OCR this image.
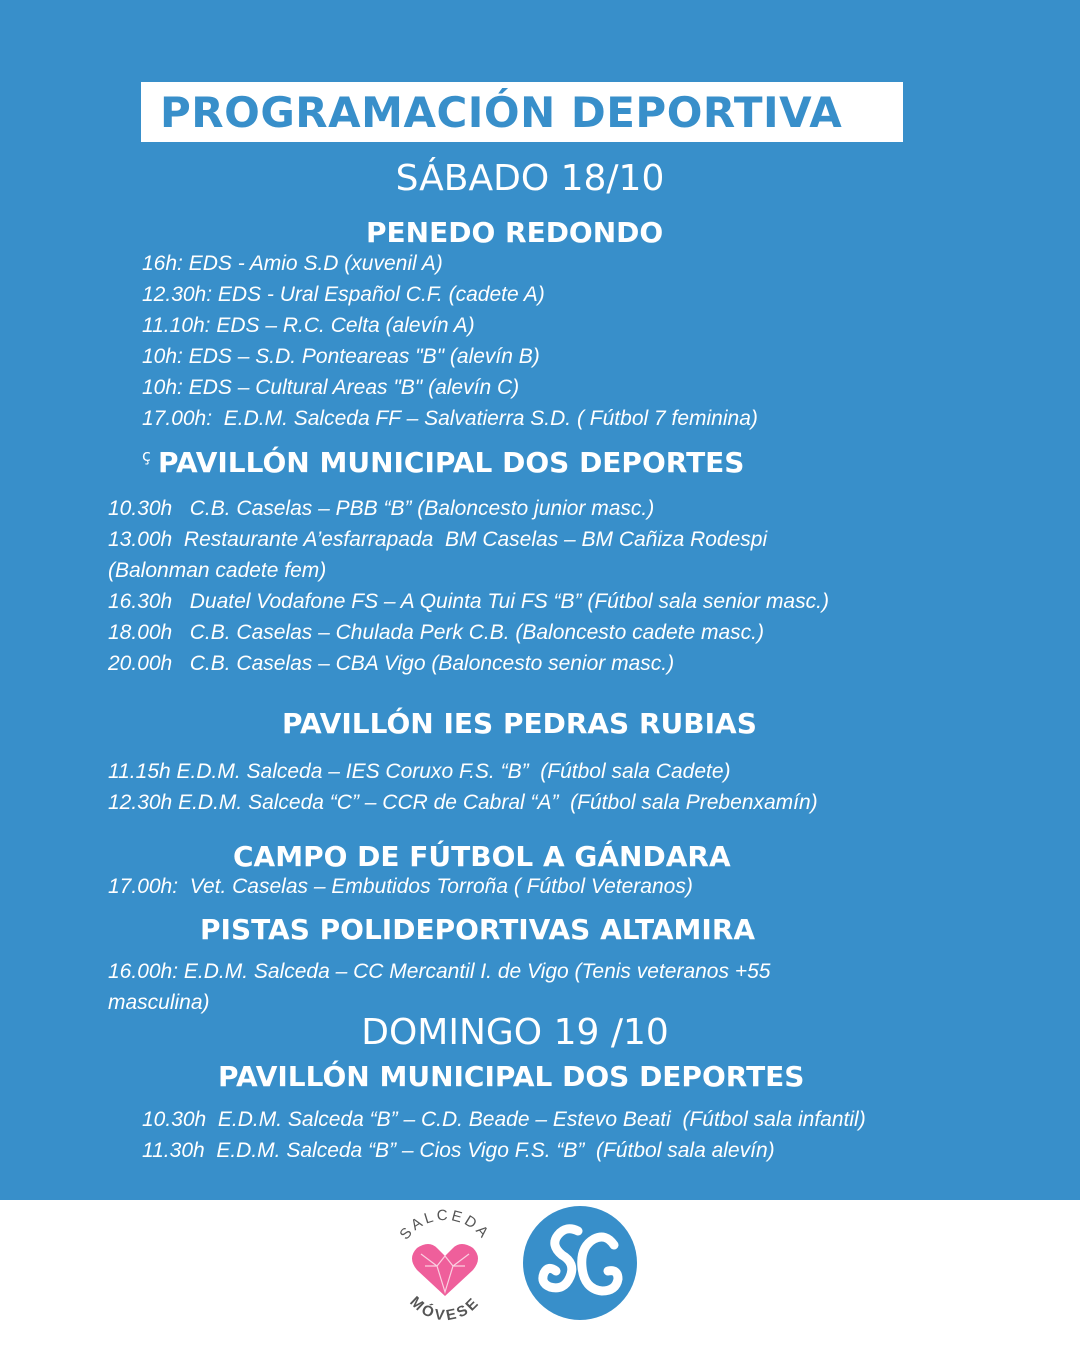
PROGRAMACIÓN DEPORTIVA
SÁBADO 18/10
PENEDO REDONDO
16h: EDS - Amio S.D (xuvenil A)
12.30h: EDS - Ural Español C.F. (cadete A)
11.10h: EDS – R.C. Celta (alevín A)
10h: EDS – S.D. Ponteareas "B" (alevín B)
10h: EDS – Cultural Areas "B" (alevín C)
17.00h:  E.D.M. Salceda FF – Salvatierra S.D. ( Fútbol 7 feminina)
ç PAVILLÓN MUNICIPAL DOS DEPORTES
10.30h   C.B. Caselas – PBB “B” (Baloncesto junior masc.)
13.00h  Restaurante A’esfarrapada  BM Caselas – BM Cañiza Rodespi
(Balonman cadete fem)
16.30h   Duatel Vodafone FS – A Quinta Tui FS “B” (Fútbol sala senior masc.)
18.00h   C.B. Caselas – Chulada Perk C.B. (Baloncesto cadete masc.)
20.00h   C.B. Caselas – CBA Vigo (Baloncesto senior masc.)
PAVILLÓN IES PEDRAS RUBIAS
11.15h E.D.M. Salceda – IES Coruxo F.S. “B”  (Fútbol sala Cadete)
12.30h E.D.M. Salceda “C” – CCR de Cabral “A”  (Fútbol sala Prebenxamín)
CAMPO DE FÚTBOL A GÁNDARA
17.00h:  Vet. Caselas – Embutidos Torroña ( Fútbol Veteranos)
PISTAS POLIDEPORTIVAS ALTAMIRA
16.00h: E.D.M. Salceda – CC Mercantil I. de Vigo (Tenis veteranos +55
masculina)
DOMINGO 19 /10
PAVILLÓN MUNICIPAL DOS DEPORTES
10.30h  E.D.M. Salceda “B” – C.D. Beade – Estevo Beati  (Fútbol sala infantil)
11.30h  E.D.M. Salceda “B” – Cios Vigo F.S. “B”  (Fútbol sala alevín)
SALCEDA
MÓVESE
SC
